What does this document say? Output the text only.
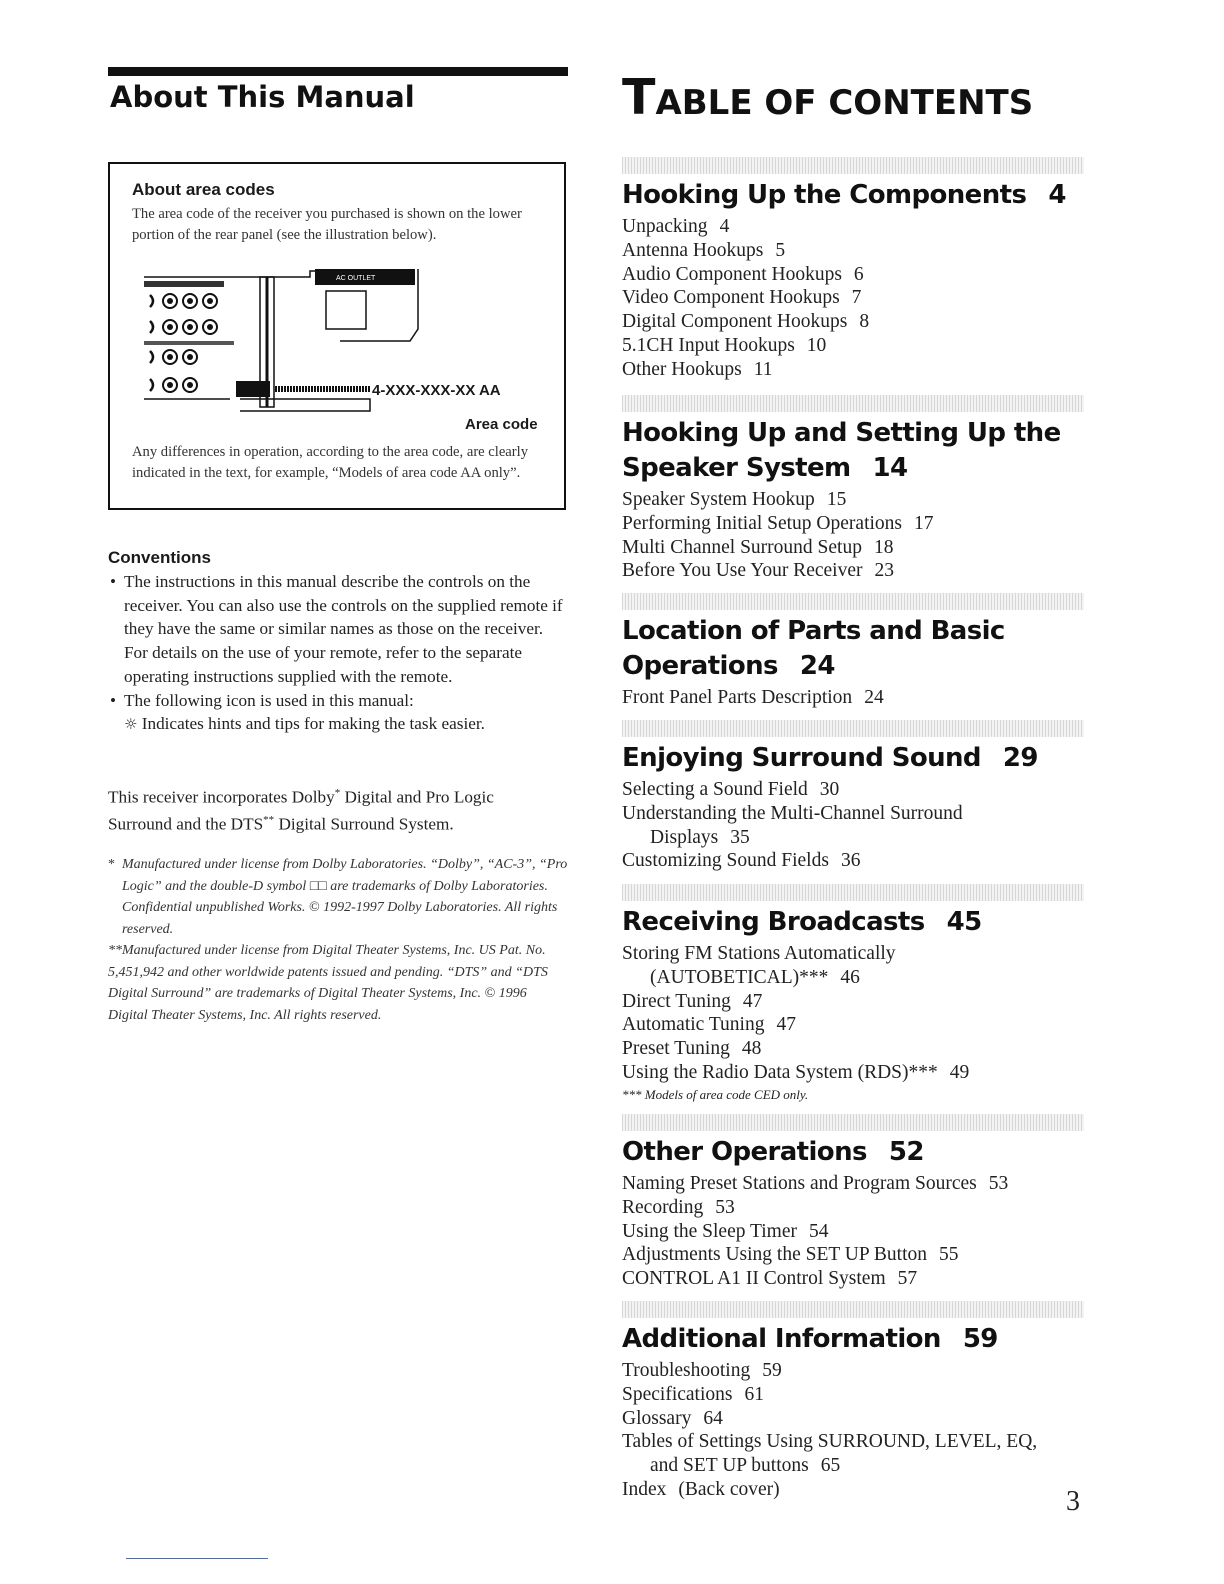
About This Manual
About area codes

The area code of the receiver you purchased is shown on the lower portion of the rear panel (see the illustration below).

AC OUTLET
4-XXX-XXX-XX AA
Area code

Any differences in operation, according to the area code, are clearly indicated in the text, for example, “Models of area code AA only”.

Conventions
• The instructions in this manual describe the controls on the receiver. You can also use the controls on the supplied remote if they have the same or similar names as those on the receiver. For details on the use of your remote, refer to the separate operating instructions supplied with the remote.
• The following icon is used in this manual:
☼ Indicates hints and tips for making the task easier.

This receiver incorporates Dolby* Digital and Pro Logic Surround and the DTS** Digital Surround System.

* Manufactured under license from Dolby Laboratories. “Dolby”, “AC-3”, “Pro Logic” and the double-D symbol □□ are trademarks of Dolby Laboratories. Confidential unpublished Works. © 1992-1997 Dolby Laboratories. All rights reserved.
**Manufactured under license from Digital Theater Systems, Inc. US Pat. No. 5,451,942 and other worldwide patents issued and pending. “DTS” and “DTS Digital Surround” are trademarks of Digital Theater Systems, Inc. © 1996 Digital Theater Systems, Inc. All rights reserved.
TABLE OF CONTENTS
Hooking Up the Components 4
Unpacking 4
Antenna Hookups 5
Audio Component Hookups 6
Video Component Hookups 7
Digital Component Hookups 8
5.1CH Input Hookups 10
Other Hookups 11
Hooking Up and Setting Up the
Speaker System 14
Speaker System Hookup 15
Performing Initial Setup Operations 17
Multi Channel Surround Setup 18
Before You Use Your Receiver 23
Location of Parts and Basic
Operations 24
Front Panel Parts Description 24
Enjoying Surround Sound 29
Selecting a Sound Field 30
Understanding the Multi-Channel Surround
Displays 35
Customizing Sound Fields 36
Receiving Broadcasts 45
Storing FM Stations Automatically
(AUTOBETICAL)*** 46
Direct Tuning 47
Automatic Tuning 47
Preset Tuning 48
Using the Radio Data System (RDS)*** 49
*** Models of area code CED only.
Other Operations 52
Naming Preset Stations and Program Sources 53
Recording 53
Using the Sleep Timer 54
Adjustments Using the SET UP Button 55
CONTROL A1 II Control System 57
Additional Information 59
Troubleshooting 59
Specifications 61
Glossary 64
Tables of Settings Using SURROUND, LEVEL, EQ,
and SET UP buttons 65
Index (Back cover)	3
